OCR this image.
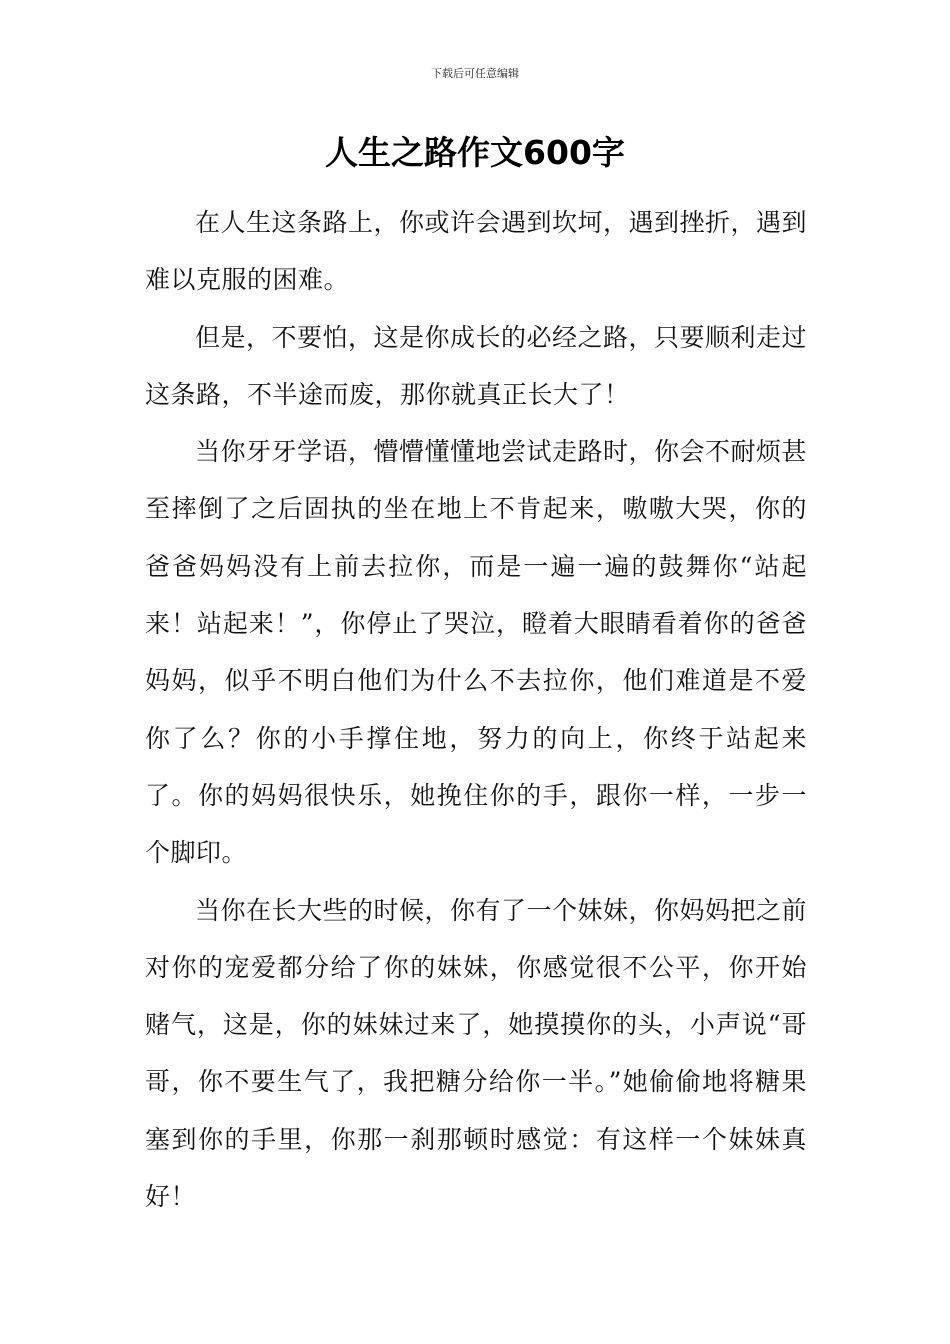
下载后可任意编辑
人生之路作文600字

在人生这条路上，你或许会遇到坎坷，遇到挫折，遇到难以克服的困难。

但是，不要怕，这是你成长的必经之路，只要顺利走过这条路，不半途而废，那你就真正长大了！

当你牙牙学语，懵懵懂懂地尝试走路时，你会不耐烦甚至摔倒了之后固执的坐在地上不肯起来，嗷嗷大哭，你的爸爸妈妈没有上前去拉你，而是一遍一遍的鼓舞你“站起来！站起来！”，你停止了哭泣，瞪着大眼睛看着你的爸爸妈妈，似乎不明白他们为什么不去拉你，他们难道是不爱你了么？你的小手撑住地，努力的向上，你终于站起来了。你的妈妈很快乐，她挽住你的手，跟你一样，一步一个脚印。

当你在长大些的时候，你有了一个妹妹，你妈妈把之前对你的宠爱都分给了你的妹妹，你感觉很不公平，你开始赌气，这是，你的妹妹过来了，她摸摸你的头，小声说“哥哥，你不要生气了，我把糖分给你一半。”她偷偷地将糖果塞到你的手里，你那一刹那顿时感觉：有这样一个妹妹真好！
